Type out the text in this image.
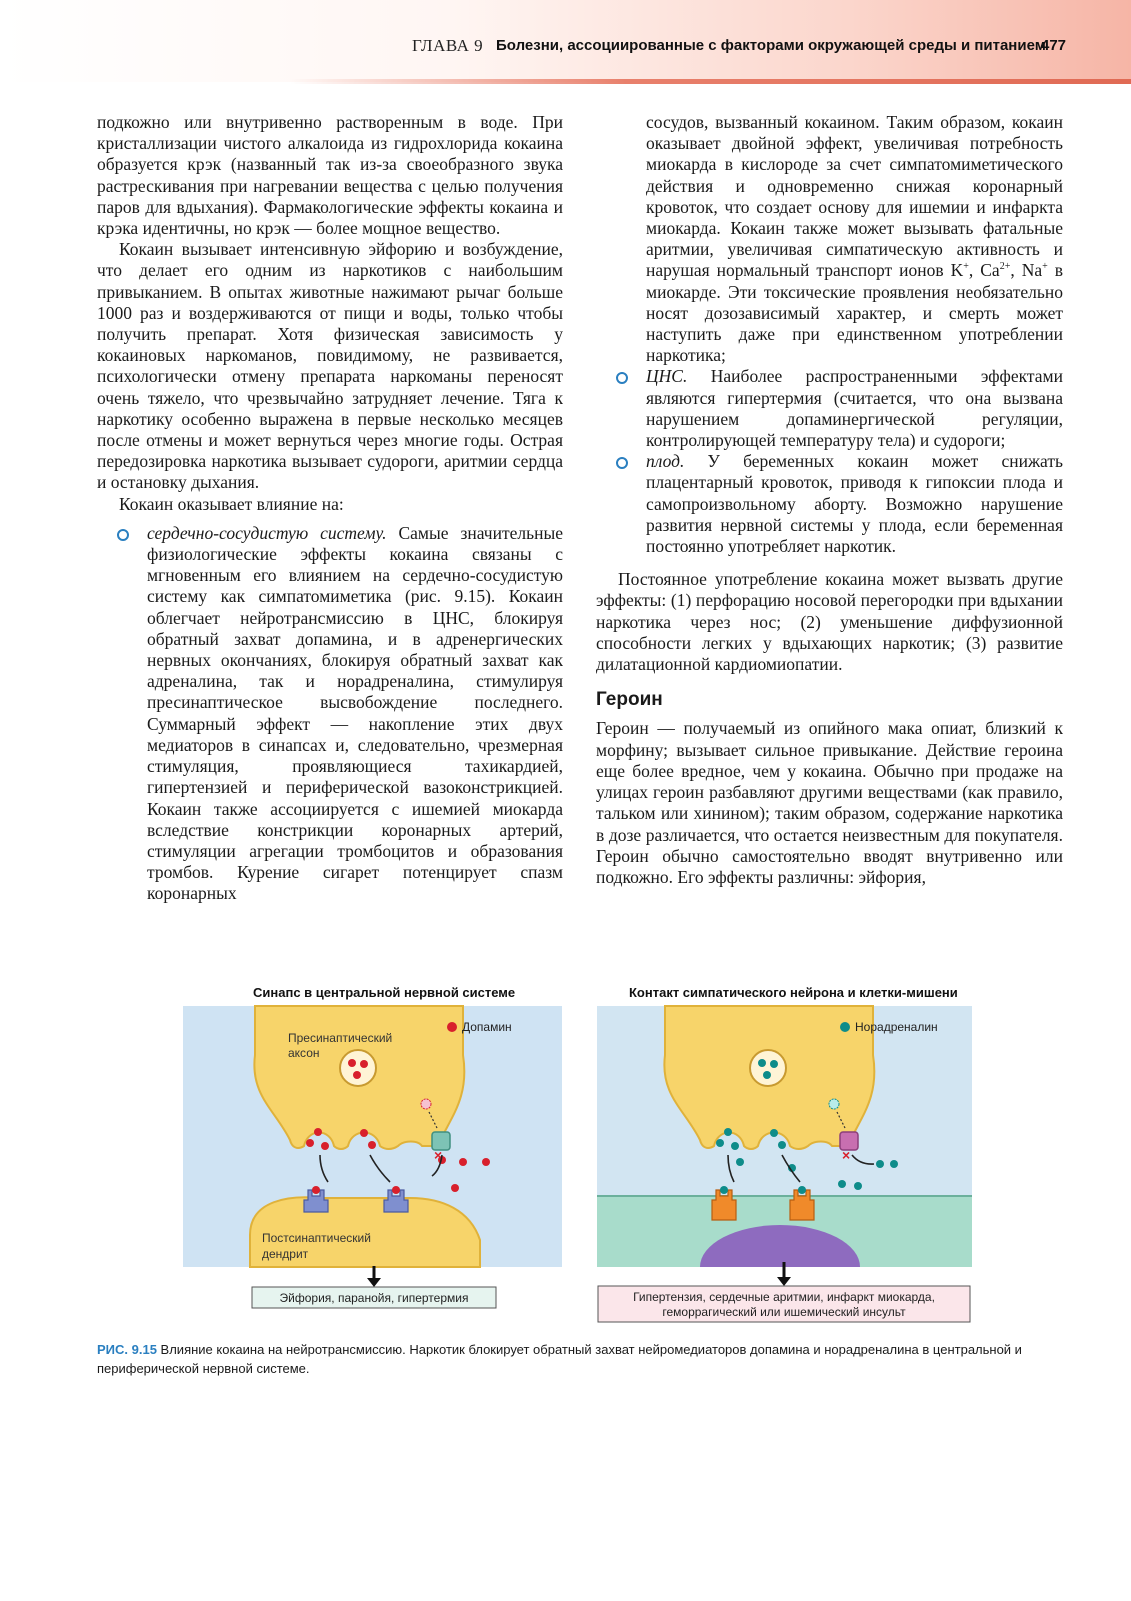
ГЛАВА 9 Болезни, ассоциированные с факторами окружающей среды и питанием
477

подкожно или внутривенно растворенным в воде. При кристаллизации чистого алкалоида из гидрохлорида кокаина образуется крэк (названный так из-за своеобразного звука растрескивания при нагревании вещества с целью получения паров для вдыхания). Фармакологические эффекты кокаина и крэка идентичны, но крэк — более мощное вещество.

Кокаин вызывает интенсивную эйфорию и возбуждение, что делает его одним из наркотиков с наибольшим привыканием. В опытах животные нажимают рычаг больше 1000 раз и воздерживаются от пищи и воды, только чтобы получить препарат. Хотя физическая зависимость у кокаиновых наркоманов, повидимому, не развивается, психологически отмену препарата наркоманы переносят очень тяжело, что чрезвычайно затрудняет лечение. Тяга к наркотику особенно выражена в первые несколько месяцев после отмены и может вернуться через многие годы. Острая передозировка наркотика вызывает судороги, аритмии сердца и остановку дыхания.

Кокаин оказывает влияние на:

сердечно-сосудистую систему. Самые значительные физиологические эффекты кокаина связаны с мгновенным его влиянием на сердечно-сосудистую систему как симпатомиметика (рис. 9.15). Кокаин облегчает нейротрансмиссию в ЦНС, блокируя обратный захват допамина, и в адренергических нервных окончаниях, блокируя обратный захват как адреналина, так и норадреналина, стимулируя пресинаптическое высвобождение последнего. Суммарный эффект — накопление этих двух медиаторов в синапсах и, следовательно, чрезмерная стимуляция, проявляющиеся тахикардией, гипертензией и периферической вазоконстрикцией. Кокаин также ассоциируется с ишемией миокарда вследствие констрикции коронарных артерий, стимуляции агрегации тромбоцитов и образования тромбов. Курение сигарет потенцирует спазм коронарных

сосудов, вызванный кокаином. Таким образом, кокаин оказывает двойной эффект, увеличивая потребность миокарда в кислороде за счет симпатомиметического действия и одновременно снижая коронарный кровоток, что создает основу для ишемии и инфаркта миокарда. Кокаин также может вызывать фатальные аритмии, увеличивая симпатическую активность и нарушая нормальный транспорт ионов K+, $Ca^{2+}$, Na+ в миокарде. Эти токсические проявления необязательно носят дозозависимый характер, и смерть может наступить даже при единственном употреблении наркотика;

ЦНС. Наиболее распространенными эффектами являются гипертермия (считается, что она вызвана нарушением допаминергической регуляции, контролирующей температуру тела) и судороги;

плод. У беременных кокаин может снижать плацентарный кровоток, приводя к гипоксии плода и самопроизвольному аборту. Возможно нарушение развития нервной системы у плода, если беременная постоянно употребляет наркотик.

Постоянное употребление кокаина может вызвать другие эффекты: (1) перфорацию носовой перегородки при вдыхании наркотика через нос; (2) уменьшение диффузионной способности легких у вдыхающих наркотик; (3) развитие дилатационной кардиомиопатии.

Героин

Героин — получаемый из опийного мака опиат, близкий к морфину; вызывает сильное привыкание. Действие героина еще более вредное, чем у кокаина. Обычно при продаже на улицах героин разбавляют другими веществами (как правило, тальком или хинином); таким образом, содержание наркотика в дозе различается, что остается неизвестным для покупателя. Героин обычно самостоятельно вводят внутривенно или подкожно. Его эффекты различны: эйфория,

Синапс в центральной нервной системе	Контакт симпатического нейрона и клетки-мишени
×
Допамин
Пресинаптический
аксон
Постсинаптический
дендрит
Эйфория, паранойя, гипертермия
×
Норадреналин
Гипертензия, сердечные аритмии, инфаркт миокарда,
геморрагический или ишемический инсульт
РИС. 9.15 Влияние кокаина на нейротрансмиссию. Наркотик блокирует обратный захват нейромедиаторов допамина и норадреналина в центральной и периферической нервной системе.
